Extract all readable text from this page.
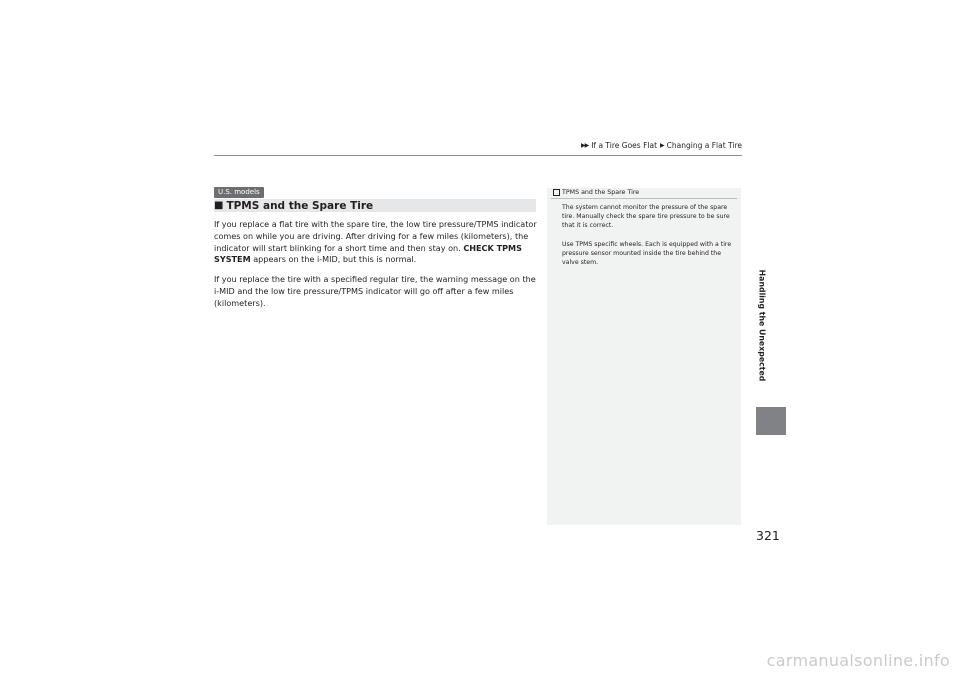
▶▶ If a Tire Goes Flat ▶ Changing a Flat Tire
U.S. models
■ TPMS and the Spare Tire
If you replace a flat tire with the spare tire, the low tire pressure/TPMS indicator comes on while you are driving. After driving for a few miles (kilometers), the indicator will start blinking for a short time and then stay on. CHECK TPMS SYSTEM appears on the i-MID, but this is normal.
If you replace the tire with a specified regular tire, the warning message on the i-MID and the low tire pressure/TPMS indicator will go off after a few miles (kilometers).
TPMS and the Spare Tire

The system cannot monitor the pressure of the spare tire. Manually check the spare tire pressure to be sure that it is correct.

Use TPMS specific wheels. Each is equipped with a tire pressure sensor mounted inside the tire behind the valve stem.

Handling the Unexpected
321
carmanualsonline.info
